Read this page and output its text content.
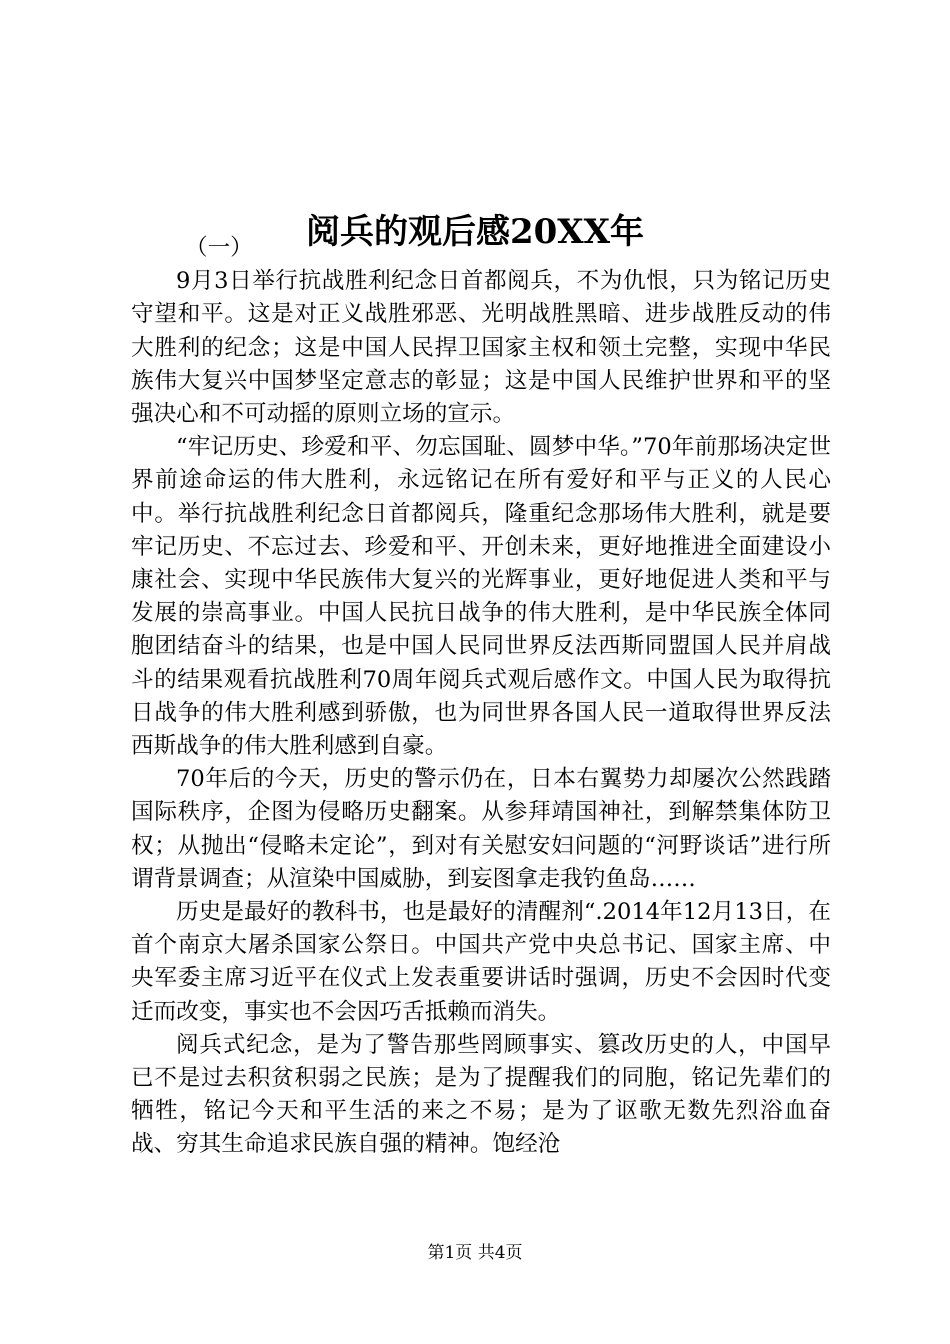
阅兵的观后感20XX年

（一）

9月3日举行抗战胜利纪念日首都阅兵，不为仇恨，只为铭记历史守望和平。这是对正义战胜邪恶、光明战胜黑暗、进步战胜反动的伟大胜利的纪念；这是中国人民捍卫国家主权和领土完整，实现中华民族伟大复兴中国梦坚定意志的彰显；这是中国人民维护世界和平的坚强决心和不可动摇的原则立场的宣示。

“牢记历史、珍爱和平、勿忘国耻、圆梦中华。”70年前那场决定世界前途命运的伟大胜利，永远铭记在所有爱好和平与正义的人民心中。举行抗战胜利纪念日首都阅兵，隆重纪念那场伟大胜利，就是要牢记历史、不忘过去、珍爱和平、开创未来，更好地推进全面建设小康社会、实现中华民族伟大复兴的光辉事业，更好地促进人类和平与发展的崇高事业。中国人民抗日战争的伟大胜利，是中华民族全体同胞团结奋斗的结果，也是中国人民同世界反法西斯同盟国人民并肩战斗的结果观看抗战胜利70周年阅兵式观后感作文。中国人民为取得抗日战争的伟大胜利感到骄傲，也为同世界各国人民一道取得世界反法西斯战争的伟大胜利感到自豪。

70年后的今天，历史的警示仍在，日本右翼势力却屡次公然践踏国际秩序，企图为侵略历史翻案。从参拜靖国神社，到解禁集体防卫权；从抛出“侵略未定论”，到对有关慰安妇问题的“河野谈话”进行所谓背景调查；从渲染中国威胁，到妄图拿走我钓鱼岛……

历史是最好的教科书，也是最好的清醒剂“.2014年12月13日，在首个南京大屠杀国家公祭日。中国共产党中央总书记、国家主席、中央军委主席习近平在仪式上发表重要讲话时强调，历史不会因时代变迁而改变，事实也不会因巧舌抵赖而消失。

阅兵式纪念，是为了警告那些罔顾事实、篡改历史的人，中国早已不是过去积贫积弱之民族；是为了提醒我们的同胞，铭记先辈们的牺牲，铭记今天和平生活的来之不易；是为了讴歌无数先烈浴血奋战、穷其生命追求民族自强的精神。饱经沧

第1页 共4页
